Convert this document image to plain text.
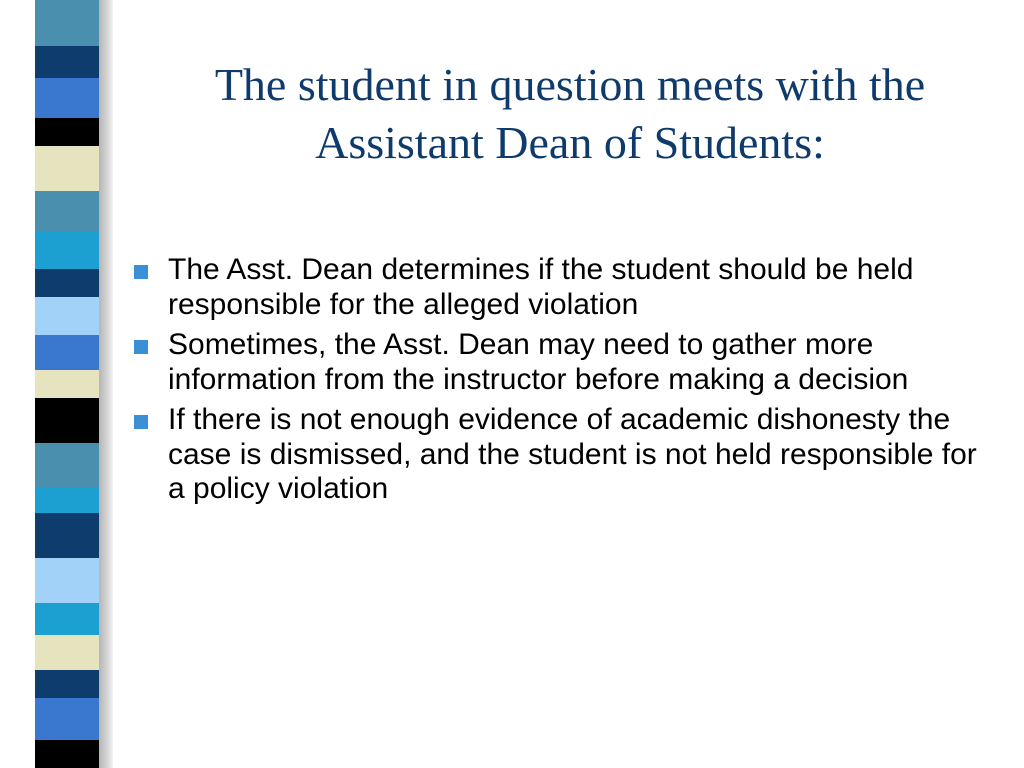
The student in question meets with the Assistant Dean of Students:
The Asst. Dean determines if the student should be held responsible for the alleged violation
Sometimes, the Asst. Dean may need to gather more information from the instructor before making a decision
If there is not enough evidence of academic dishonesty the case is dismissed, and the student is not held responsible for a policy violation
